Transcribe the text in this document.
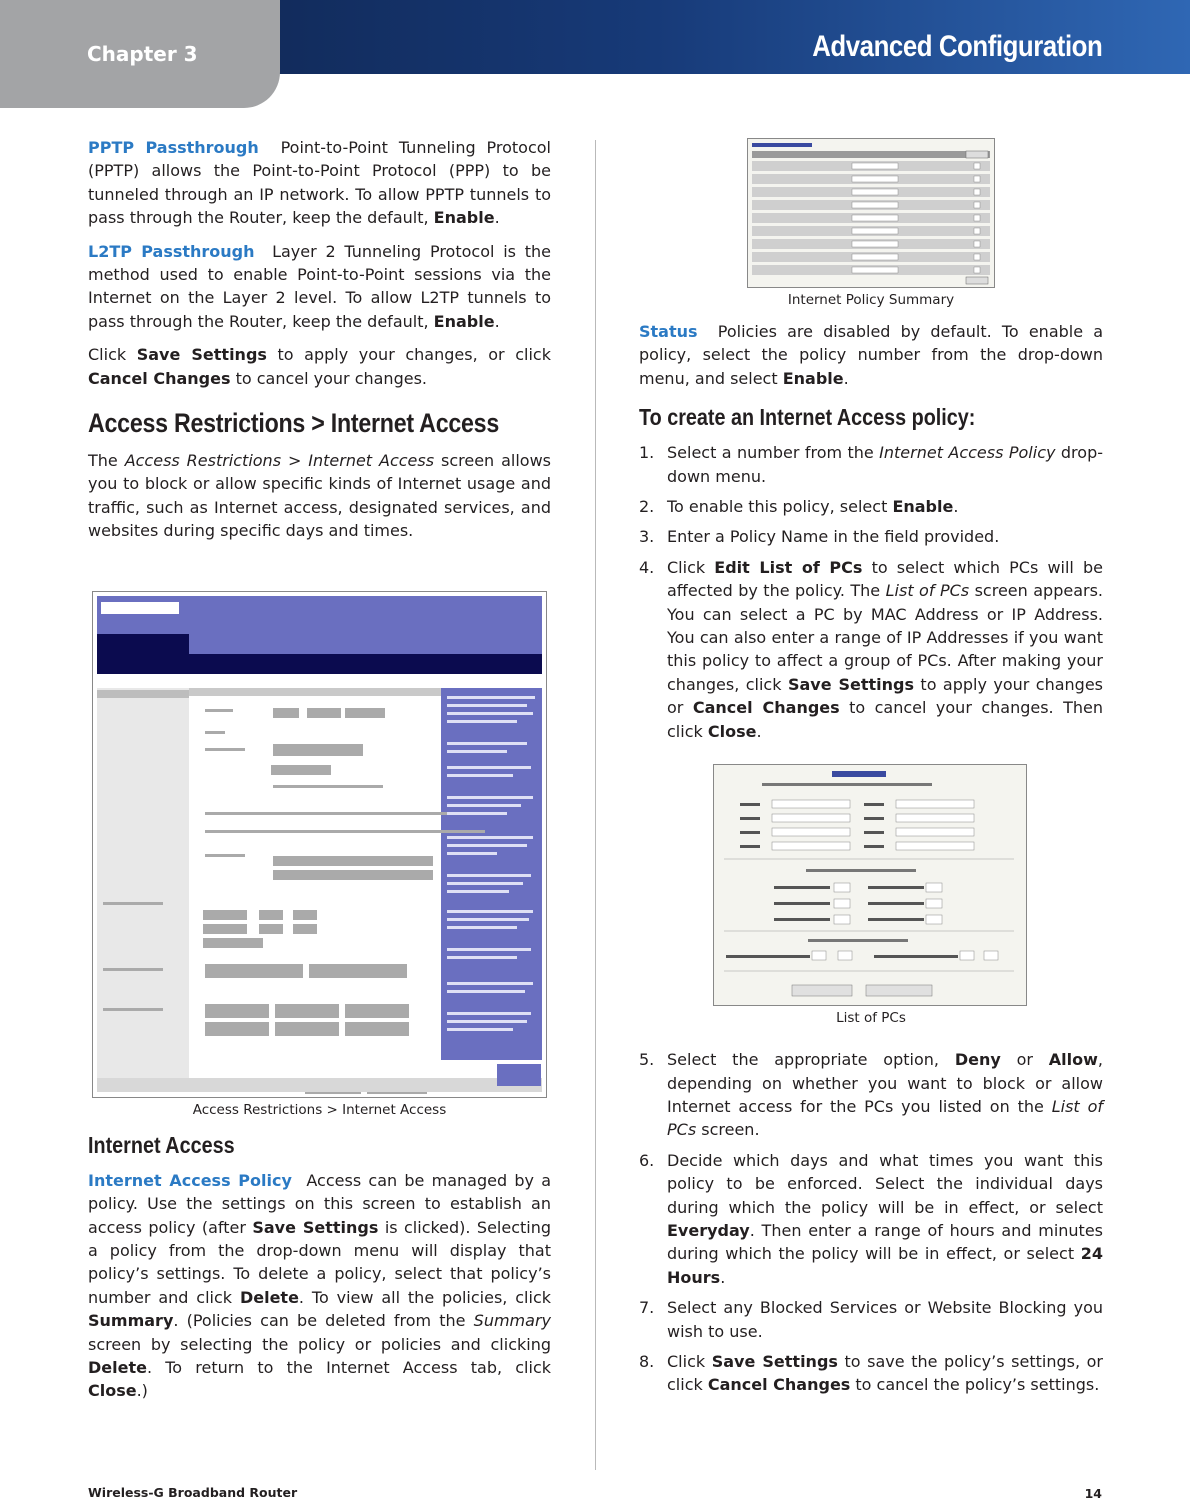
Chapter 3	Advanced Configuration

PPTP Passthrough Point-to-Point Tunneling Protocol (PPTP) allows the Point-to-Point Protocol (PPP) to be tunneled through an IP network. To allow PPTP tunnels to pass through the Router, keep the default, Enable.

L2TP Passthrough Layer 2 Tunneling Protocol is the method used to enable Point-to-Point sessions via the Internet on the Layer 2 level. To allow L2TP tunnels to pass through the Router, keep the default, Enable.

Click Save Settings to apply your changes, or click Cancel Changes to cancel your changes.

Access Restrictions > Internet Access

The Access Restrictions > Internet Access screen allows you to block or allow specific kinds of Internet usage and traffic, such as Internet access, designated services, and websites during specific days and times.

Access Restrictions > Internet Access
Internet Access

Internet Access Policy Access can be managed by a policy. Use the settings on this screen to establish an access policy (after Save Settings is clicked). Selecting a policy from the drop-down menu will display that policy’s settings. To delete a policy, select that policy’s number and click Delete. To view all the policies, click Summary. (Policies can be deleted from the Summary screen by selecting the policy or policies and clicking Delete. To return to the Internet Access tab, click Close.)

Internet Policy Summary

Status Policies are disabled by default. To enable a policy, select the policy number from the drop-down menu, and select Enable.

To create an Internet Access policy:
1. Select a number from the Internet Access Policy drop-down menu.
2. To enable this policy, select Enable.
3. Enter a Policy Name in the field provided.
4. Click Edit List of PCs to select which PCs will be affected by the policy. The List of PCs screen appears. You can select a PC by MAC Address or IP Address. You can also enter a range of IP Addresses if you want this policy to affect a group of PCs. After making your changes, click Save Settings to apply your changes or Cancel Changes to cancel your changes. Then click Close.
List of PCs
5. Select the appropriate option, Deny or Allow, depending on whether you want to block or allow Internet access for the PCs you listed on the List of PCs screen.
6. Decide which days and what times you want this policy to be enforced. Select the individual days during which the policy will be in effect, or select Everyday. Then enter a range of hours and minutes during which the policy will be in effect, or select 24 Hours.
7. Select any Blocked Services or Website Blocking you wish to use.
8. Click Save Settings to save the policy’s settings, or click Cancel Changes to cancel the policy’s settings.
Wireless-G Broadband Router	14
